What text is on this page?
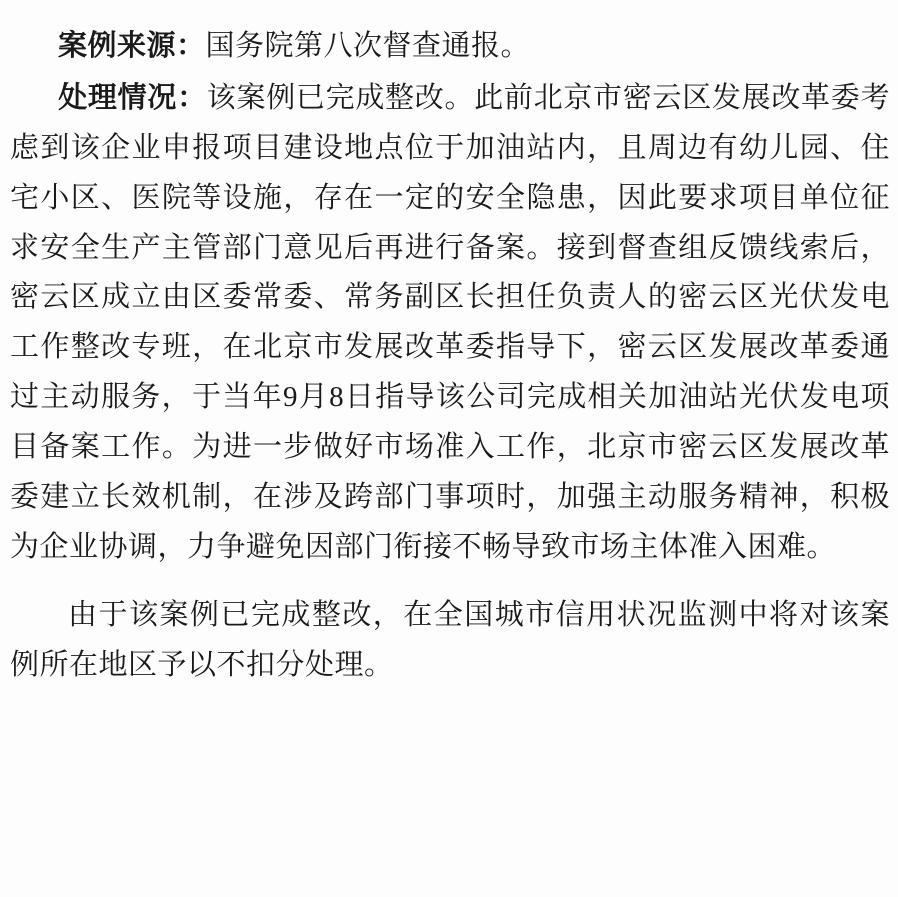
案例来源：国务院第八次督查通报。

处理情况：该案例已完成整改。此前北京市密云区发展改革委考虑到该企业申报项目建设地点位于加油站内，且周边有幼儿园、住宅小区、医院等设施，存在一定的安全隐患，因此要求项目单位征求安全生产主管部门意见后再进行备案。接到督查组反馈线索后，密云区成立由区委常委、常务副区长担任负责人的密云区光伏发电工作整改专班，在北京市发展改革委指导下，密云区发展改革委通过主动服务，于当年9月8日指导该公司完成相关加油站光伏发电项目备案工作。为进一步做好市场准入工作，北京市密云区发展改革委建立长效机制，在涉及跨部门事项时，加强主动服务精神，积极为企业协调，力争避免因部门衔接不畅导致市场主体准入困难。

由于该案例已完成整改，在全国城市信用状况监测中将对该案例所在地区予以不扣分处理。
